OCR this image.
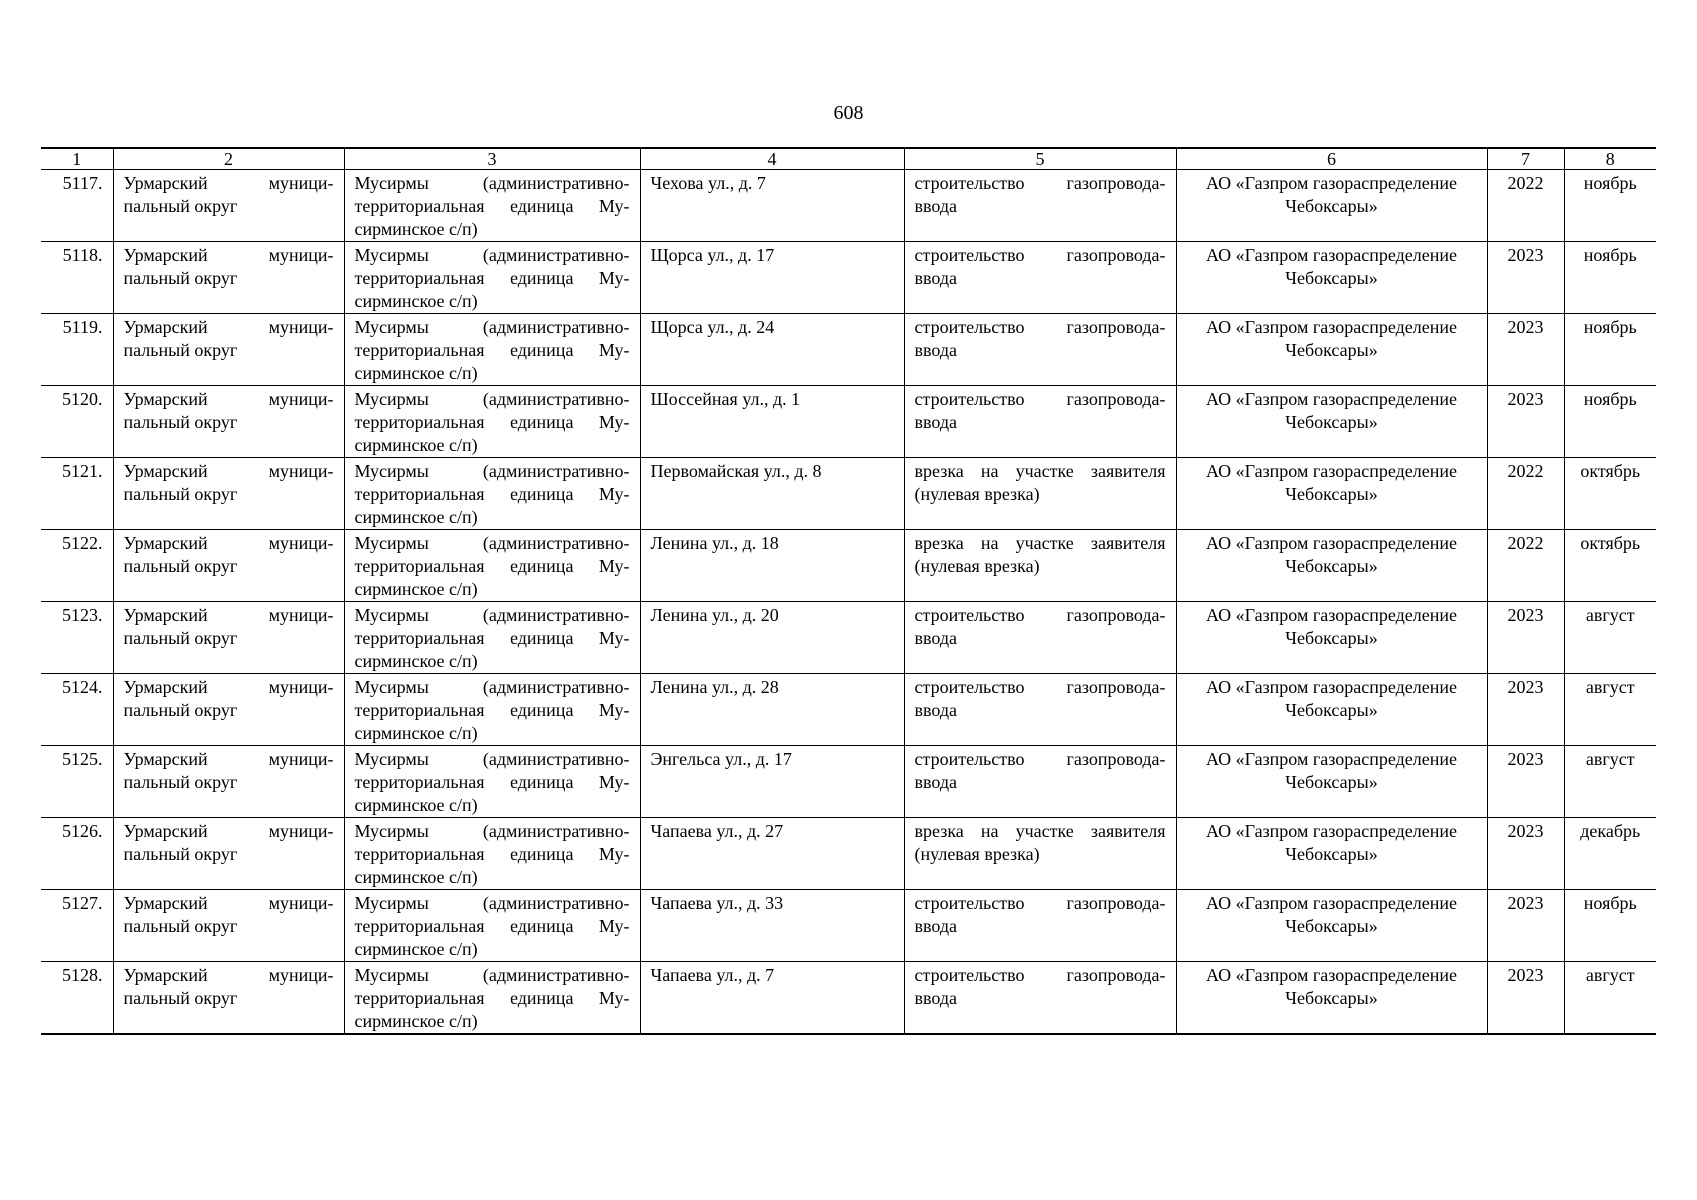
608
1	2	3	4	5	6	7	8
5117.	Урмарский муници-пальный округ	Мусирмы (административно-территориальная единица Му-сирминское с/п)	Чехова ул., д. 7	строительство газопровода-ввода	АО «Газпром газораспределение Чебоксары»	2022	ноябрь
5118.	Урмарский муници-пальный округ	Мусирмы (административно-территориальная единица Му-сирминское с/п)	Щорса ул., д. 17	строительство газопровода-ввода	АО «Газпром газораспределение Чебоксары»	2023	ноябрь
5119.	Урмарский муници-пальный округ	Мусирмы (административно-территориальная единица Му-сирминское с/п)	Щорса ул., д. 24	строительство газопровода-ввода	АО «Газпром газораспределение Чебоксары»	2023	ноябрь
5120.	Урмарский муници-пальный округ	Мусирмы (административно-территориальная единица Му-сирминское с/п)	Шоссейная ул., д. 1	строительство газопровода-ввода	АО «Газпром газораспределение Чебоксары»	2023	ноябрь
5121.	Урмарский муници-пальный округ	Мусирмы (административно-территориальная единица Му-сирминское с/п)	Первомайская ул., д. 8	врезка на участке заявителя (нулевая врезка)	АО «Газпром газораспределение Чебоксары»	2022	октябрь
5122.	Урмарский муници-пальный округ	Мусирмы (административно-территориальная единица Му-сирминское с/п)	Ленина ул., д. 18	врезка на участке заявителя (нулевая врезка)	АО «Газпром газораспределение Чебоксары»	2022	октябрь
5123.	Урмарский муници-пальный округ	Мусирмы (административно-территориальная единица Му-сирминское с/п)	Ленина ул., д. 20	строительство газопровода-ввода	АО «Газпром газораспределение Чебоксары»	2023	август
5124.	Урмарский муници-пальный округ	Мусирмы (административно-территориальная единица Му-сирминское с/п)	Ленина ул., д. 28	строительство газопровода-ввода	АО «Газпром газораспределение Чебоксары»	2023	август
5125.	Урмарский муници-пальный округ	Мусирмы (административно-территориальная единица Му-сирминское с/п)	Энгельса ул., д. 17	строительство газопровода-ввода	АО «Газпром газораспределение Чебоксары»	2023	август
5126.	Урмарский муници-пальный округ	Мусирмы (административно-территориальная единица Му-сирминское с/п)	Чапаева ул., д. 27	врезка на участке заявителя (нулевая врезка)	АО «Газпром газораспределение Чебоксары»	2023	декабрь
5127.	Урмарский муници-пальный округ	Мусирмы (административно-территориальная единица Му-сирминское с/п)	Чапаева ул., д. 33	строительство газопровода-ввода	АО «Газпром газораспределение Чебоксары»	2023	ноябрь
5128.	Урмарский муници-пальный округ	Мусирмы (административно-территориальная единица Му-сирминское с/п)	Чапаева ул., д. 7	строительство газопровода-ввода	АО «Газпром газораспределение Чебоксары»	2023	август
